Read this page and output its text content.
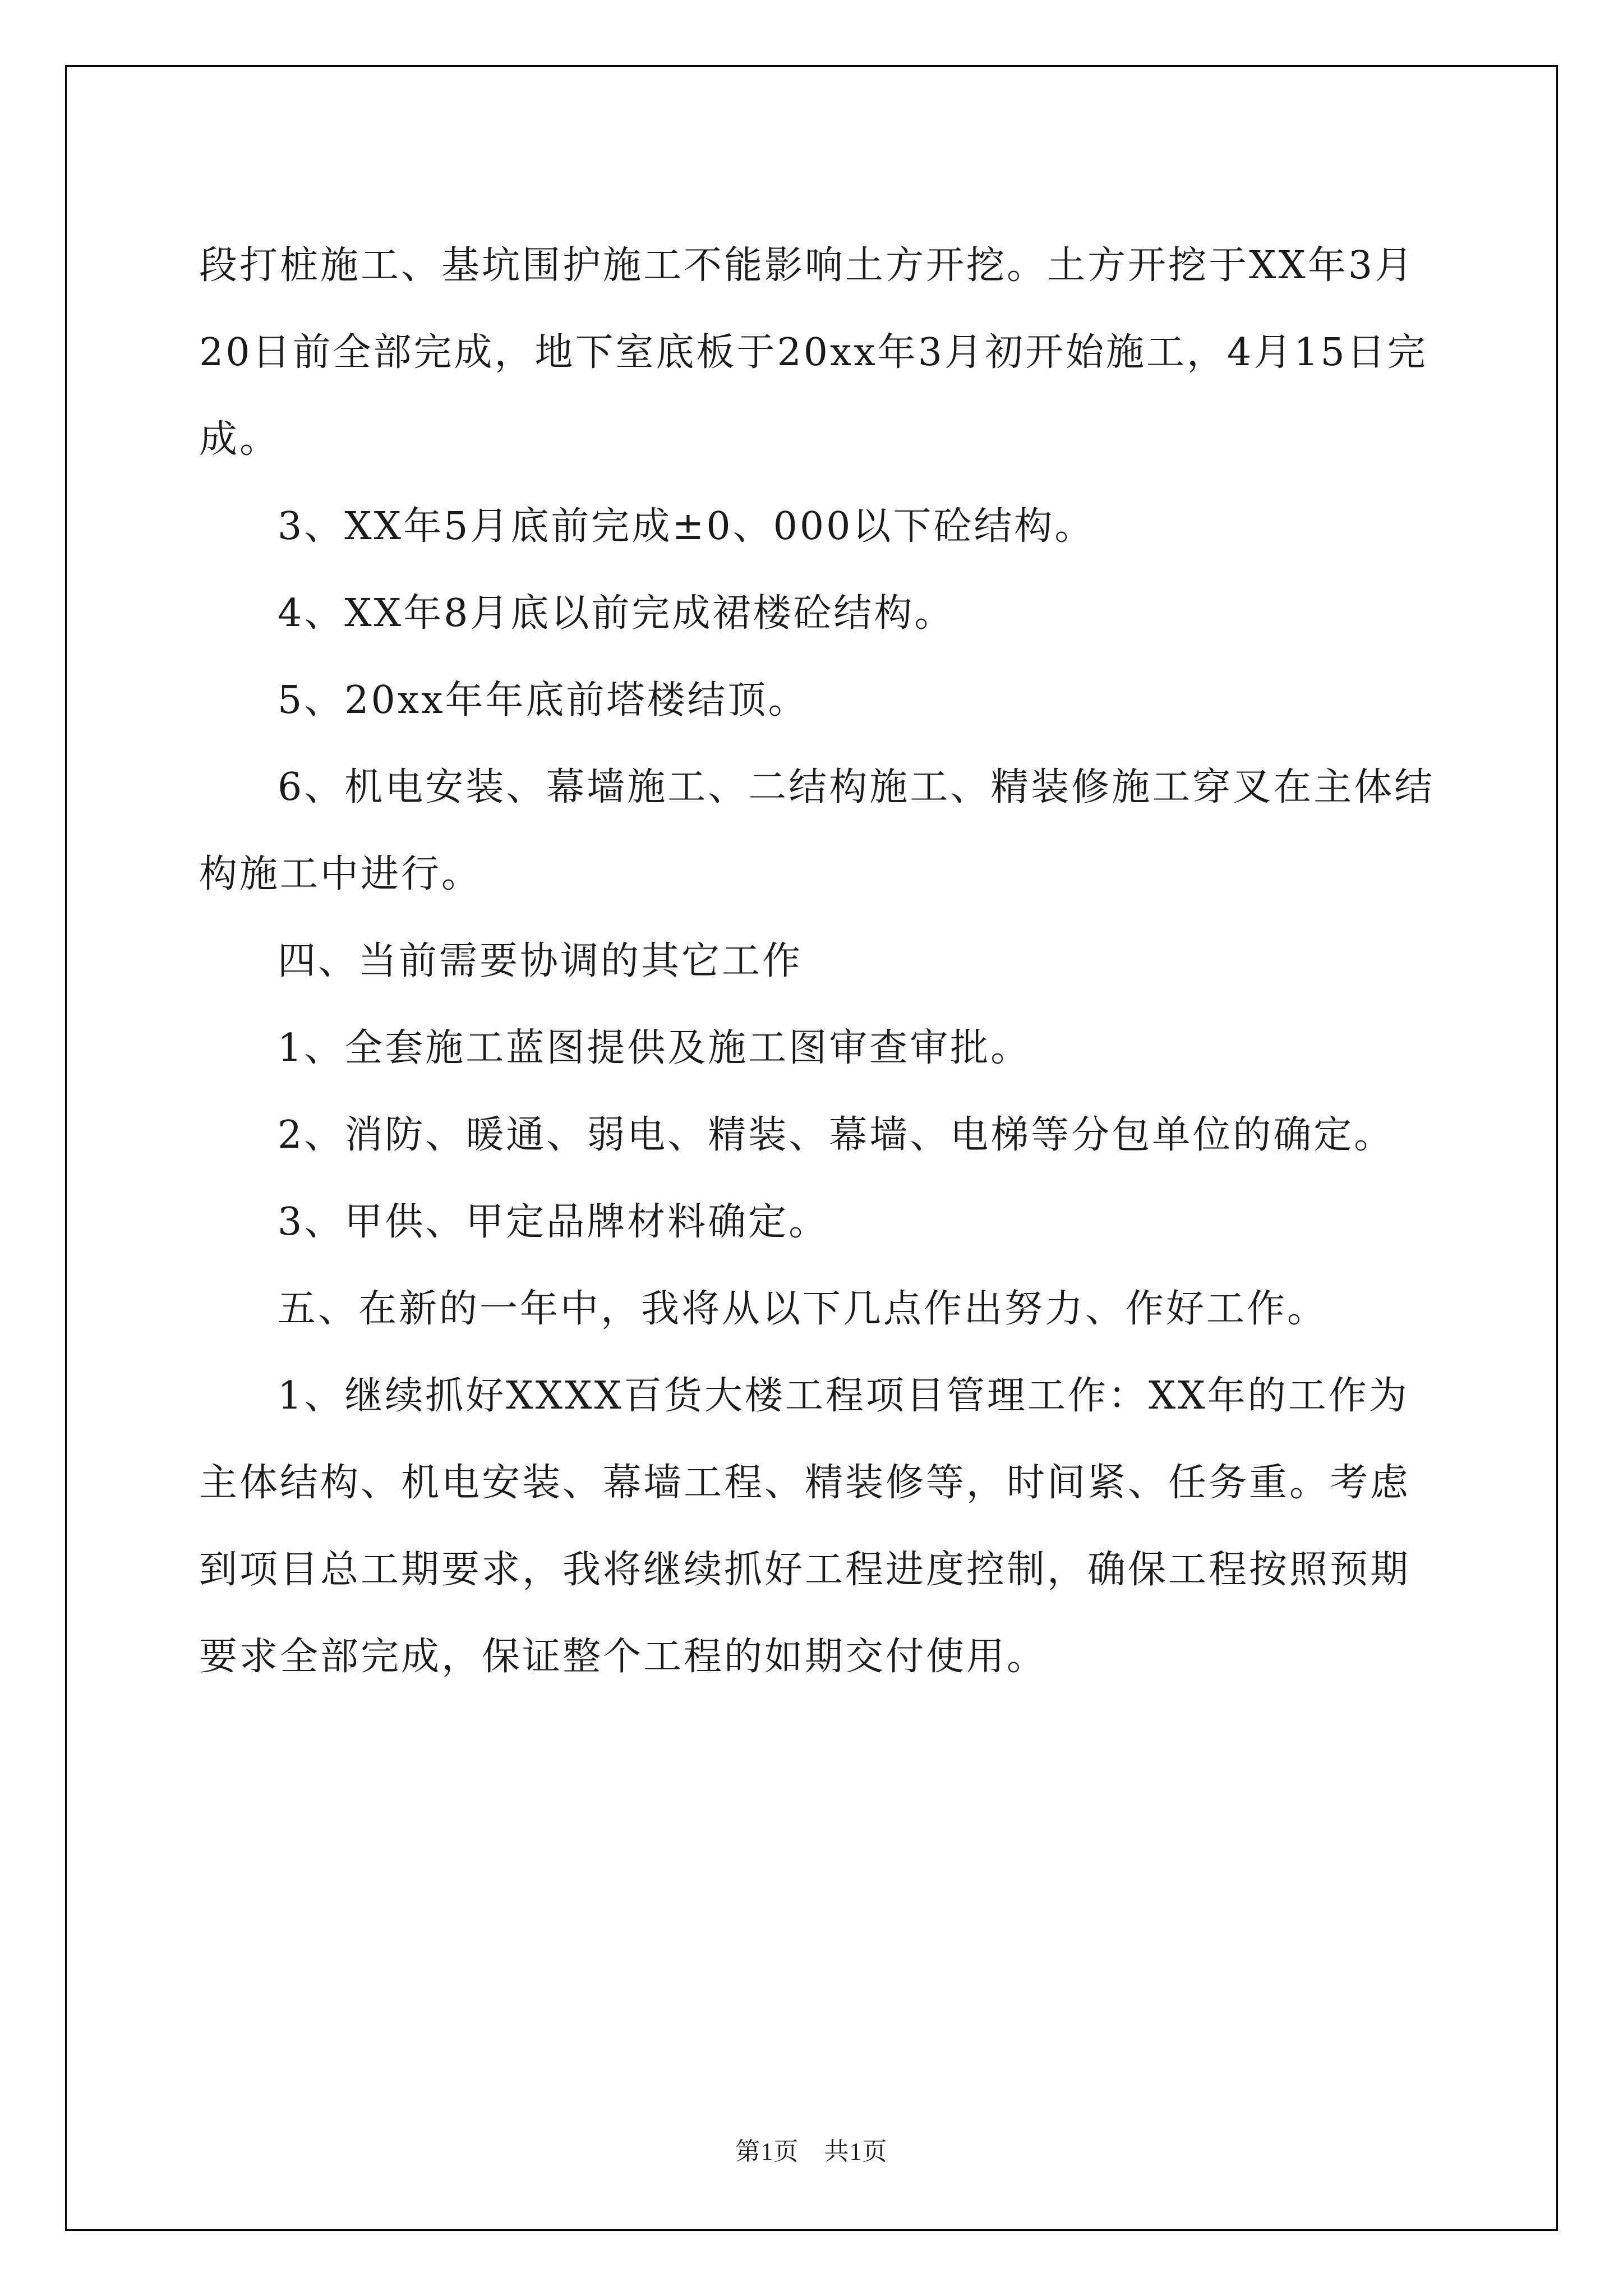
段打桩施工、基坑围护施工不能影响土方开挖。土方开挖于XX年3月20日前全部完成，地下室底板于20xx年3月初开始施工，4月15日完成。

3、XX年5月底前完成±0、000以下砼结构。

4、XX年8月底以前完成裙楼砼结构。

5、20xx年年底前塔楼结顶。

6、机电安装、幕墙施工、二结构施工、精装修施工穿叉在主体结构施工中进行。

四、当前需要协调的其它工作

1、全套施工蓝图提供及施工图审查审批。

2、消防、暖通、弱电、精装、幕墙、电梯等分包单位的确定。

3、甲供、甲定品牌材料确定。

五、在新的一年中，我将从以下几点作出努力、作好工作。

1、继续抓好XXXX百货大楼工程项目管理工作：XX年的工作为主体结构、机电安装、幕墙工程、精装修等，时间紧、任务重。考虑到项目总工期要求，我将继续抓好工程进度控制，确保工程按照预期要求全部完成，保证整个工程的如期交付使用。

第1页　共1页
